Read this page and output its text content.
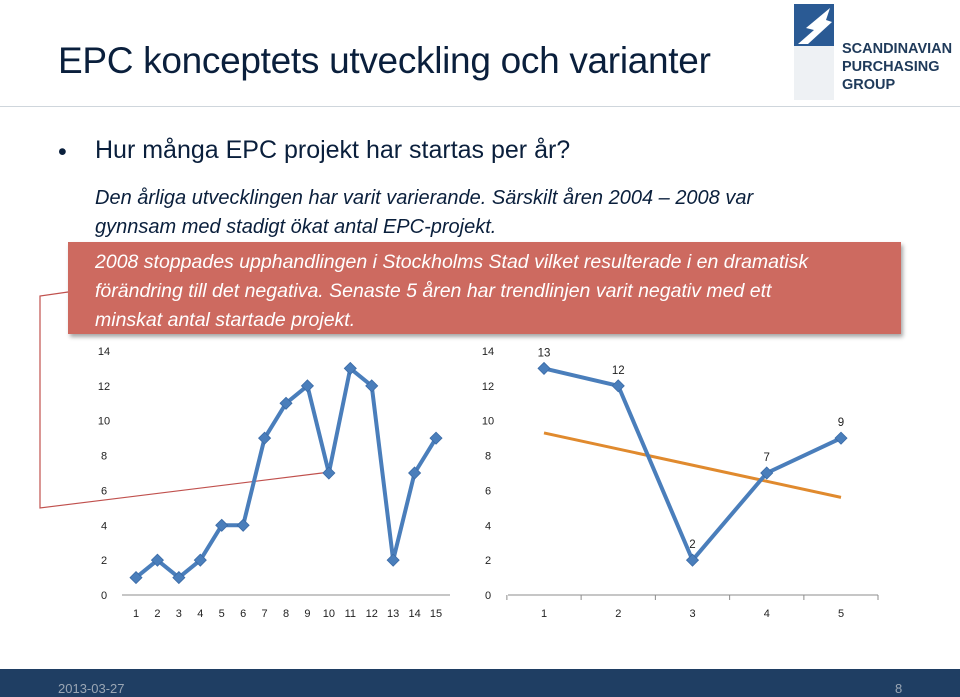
EPC konceptets utveckling och varianter	SCANDINAVIAN
PURCHASING
GROUP
• Hur många EPC projekt har startas per år?
Den årliga utvecklingen har varit varierande. Särskilt åren 2004 – 2008 var
gynnsam med stadigt ökat antal EPC-projekt.
2008 stoppades upphandlingen i Stockholms Stad vilket resulterade i en dramatisk
förändring till det negativa. Senaste 5 åren har trendlinjen varit negativ med ett
minskat antal startade projekt.
0
2
4
6
8
10
12
14
1 2 3 4 5 6 7 8 9 10 11 12 13 14 15
0
2
4
6
8
10
12
14
1	2	3	4	5
13
12
2
7
9
2013-03-27	8
